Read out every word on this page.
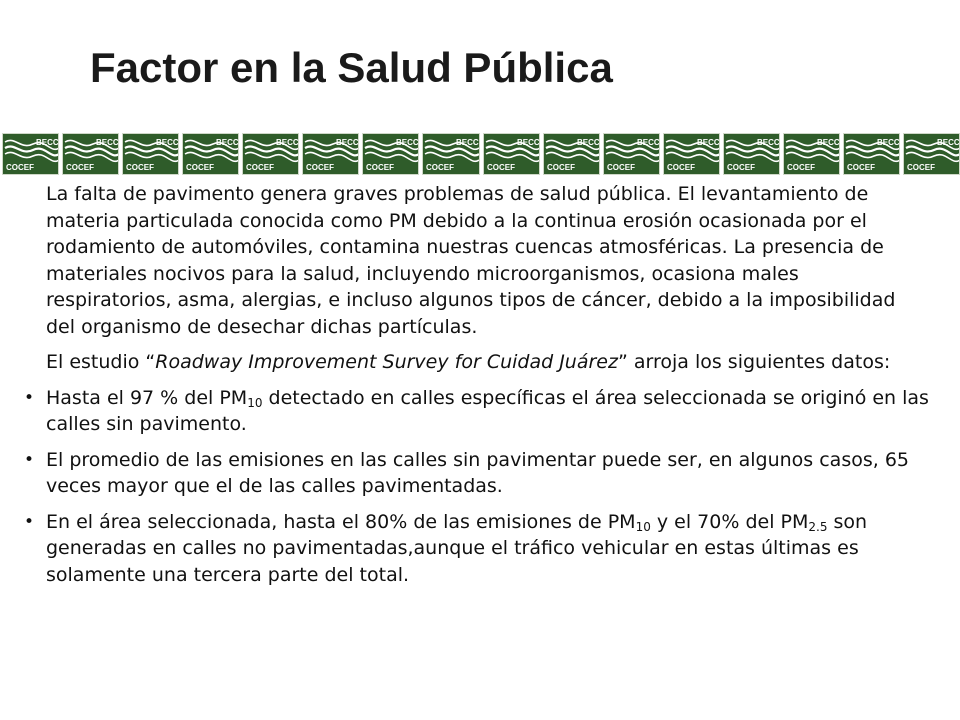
Factor en la Salud Pública
BECC
COCEF
BECC
COCEF
BECC
COCEF
BECC
COCEF
BECC
COCEF
BECC
COCEF
BECC
COCEF
BECC
COCEF
BECC
COCEF
BECC
COCEF
BECC
COCEF
BECC
COCEF
BECC
COCEF
BECC
COCEF
BECC
COCEF
BECC
COCEF

La falta de pavimento genera graves problemas de salud pública. El levantamiento de materia particulada conocida como PM debido a la continua erosión ocasionada por el rodamiento de automóviles, contamina nuestras cuencas atmosféricas. La presencia de materiales nocivos para la salud, incluyendo microorganismos, ocasiona males respiratorios, asma, alergias, e incluso algunos tipos de cáncer, debido a la imposibilidad del organismo de desechar dichas partículas.

El estudio “Roadway Improvement Survey for Cuidad Juárez” arroja los siguientes datos:

• Hasta el 97 % del $PM_{10}$ detectado en calles específicas el área seleccionada se originó en las calles sin pavimento.
• El promedio de las emisiones en las calles sin pavimentar puede ser, en algunos casos, 65 veces mayor que el de las calles pavimentadas.
• En el área seleccionada, hasta el 80% de las emisiones de $PM_{10}$ y el 70% del $PM_{2.5}$ son generadas en calles no pavimentadas,aunque el tráfico vehicular en estas últimas es solamente una tercera parte del total.
